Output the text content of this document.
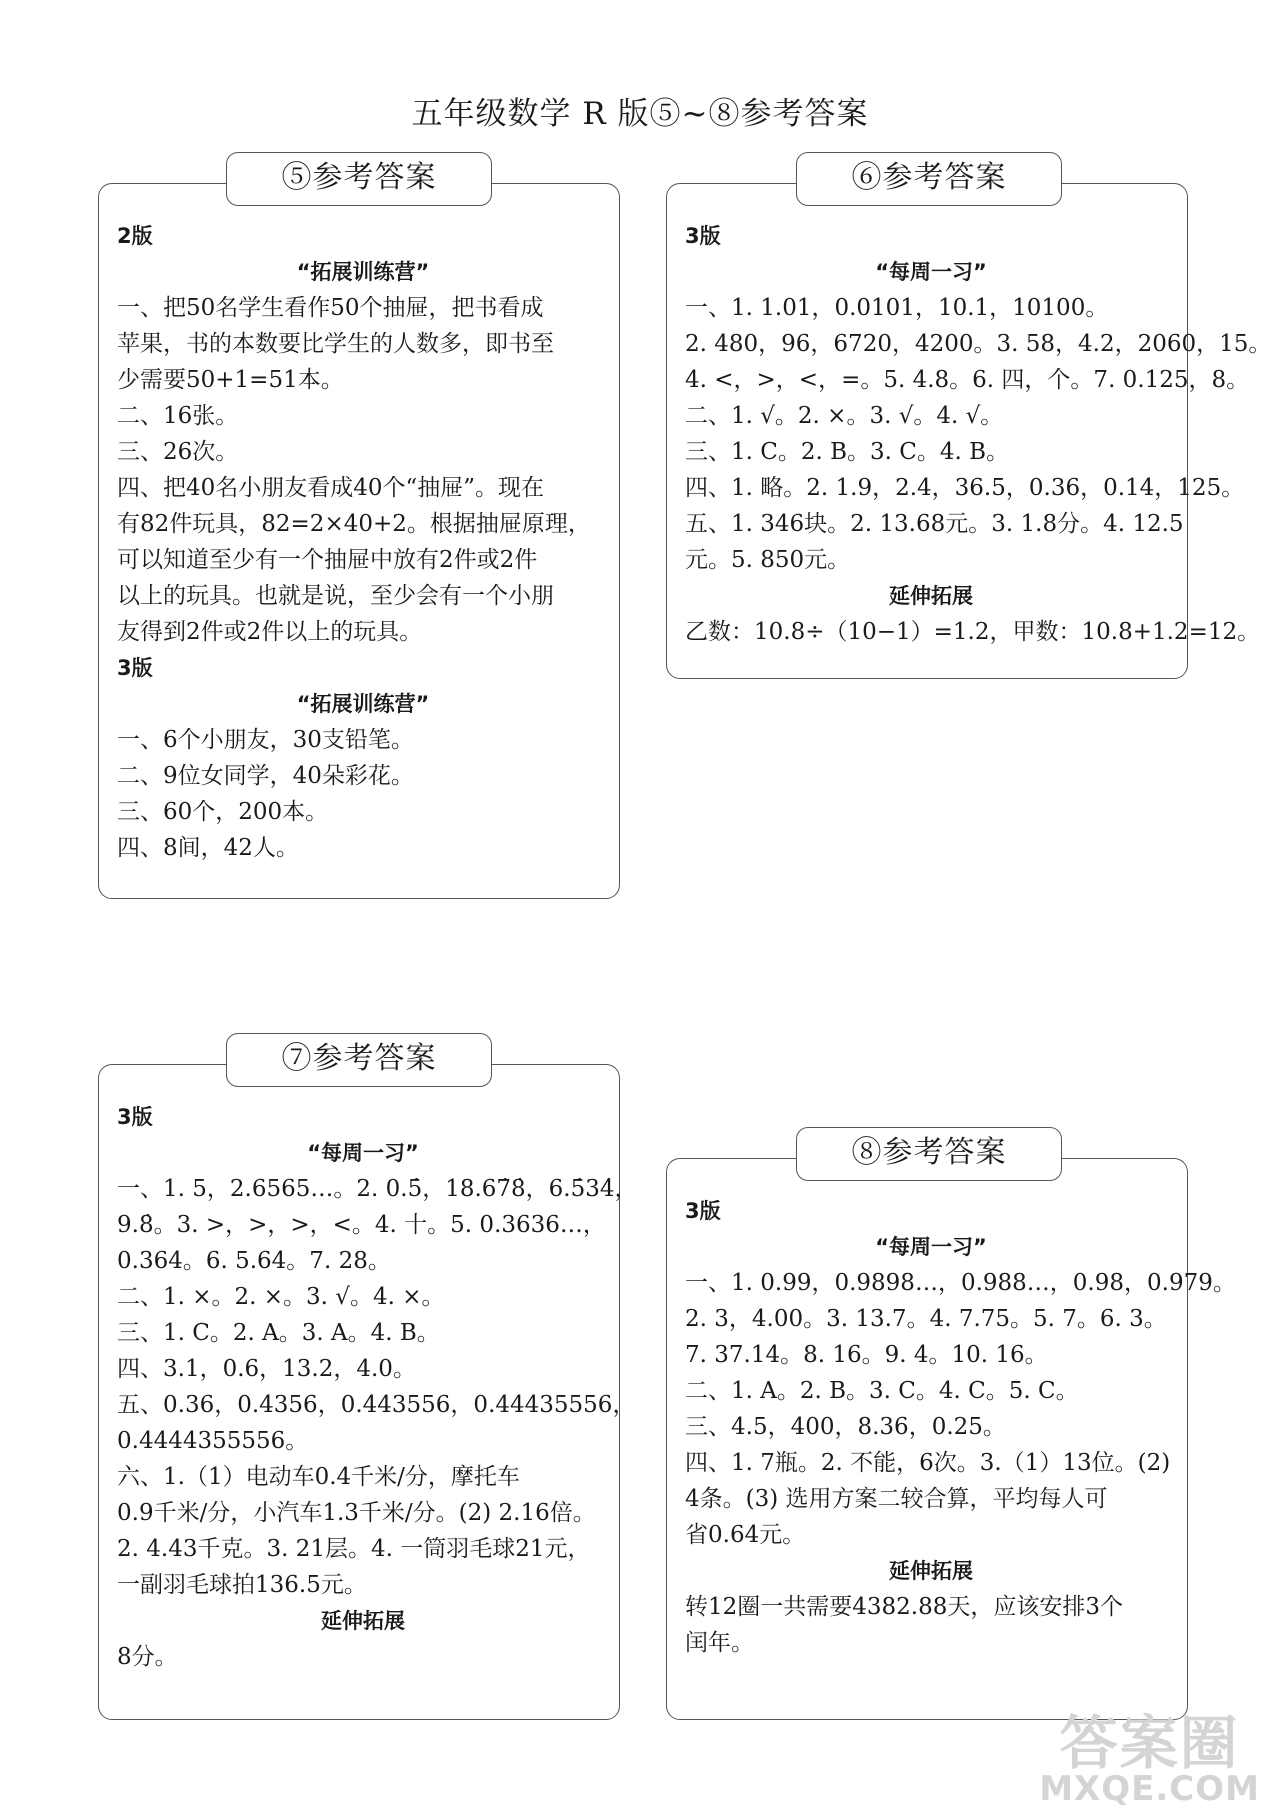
五年级数学 R 版⑤~⑧参考答案
2版
“拓展训练营”
一、把50名学生看作50个抽屉，把书看成
苹果，书的本数要比学生的人数多，即书至
少需要50+1=51本。
二、16张。
三、26次。
四、把40名小朋友看成40个“抽屉”。现在
有82件玩具，82=2×40+2。根据抽屉原理，
可以知道至少有一个抽屉中放有2件或2件
以上的玩具。也就是说，至少会有一个小朋
友得到2件或2件以上的玩具。
3版
“拓展训练营”
一、6个小朋友，30支铅笔。
二、9位女同学，40朵彩花。
三、60个，200本。
四、8间，42人。
⑤参考答案
3版
“每周一习”
一、1. 1.01，0.0101，10.1，10100。
2. 480，96，6720，4200。3. 58，4.2，2060，15。
4. <，>，<，=。5. 4.8。6. 四，个。7. 0.125，8。
二、1. √。2. ×。3. √。4. √。
三、1. C。2. B。3. C。4. B。
四、1. 略。2. 1.9，2.4，36.5，0.36，0.14，125。
五、1. 346块。2. 13.68元。3. 1.8分。4. 12.5
元。5. 850元。
延伸拓展
乙数：10.8÷（10−1）=1.2，甲数：10.8+1.2=12。
⑥参考答案
3版
“每周一习”
一、1. 5，2.6565…。2. 0.5̇，18.67̇8̇，6.5̇34̇，
9.8̇。3. >，>，>，<。4. 十。5. 0.3636…，
0.364。6. 5.64。7. 28。
二、1. ×。2. ×。3. √。4. ×。
三、1. C。2. A。3. A。4. B。
四、3.1，0.6，13.2，4.0。
五、0.36，0.4356，0.443556，0.44435556，
0.4444355556。
六、1.（1）电动车0.4千米/分，摩托车
0.9千米/分，小汽车1.3千米/分。(2) 2.16倍。
2. 4.43千克。3. 21层。4. 一筒羽毛球21元，
一副羽毛球拍136.5元。
延伸拓展
8分。
⑦参考答案
3版
“每周一习”
一、1. 0.99，0.9898…，0.988…，0.98，0.979。
2. 3，4.00。3. 13.7。4. 7.75。5. 7。6. 3。
7. 37.14。8. 16。9. 4。10. 16。
二、1. A。2. B。3. C。4. C。5. C。
三、4.5，400，8.36，0.25。
四、1. 7瓶。2. 不能，6次。3.（1）13位。(2)
4条。(3) 选用方案二较合算，平均每人可
省0.64元。
延伸拓展
转12圈一共需要4382.88天，应该安排3个
闰年。
⑧参考答案
答案圈
MXQE.COM
